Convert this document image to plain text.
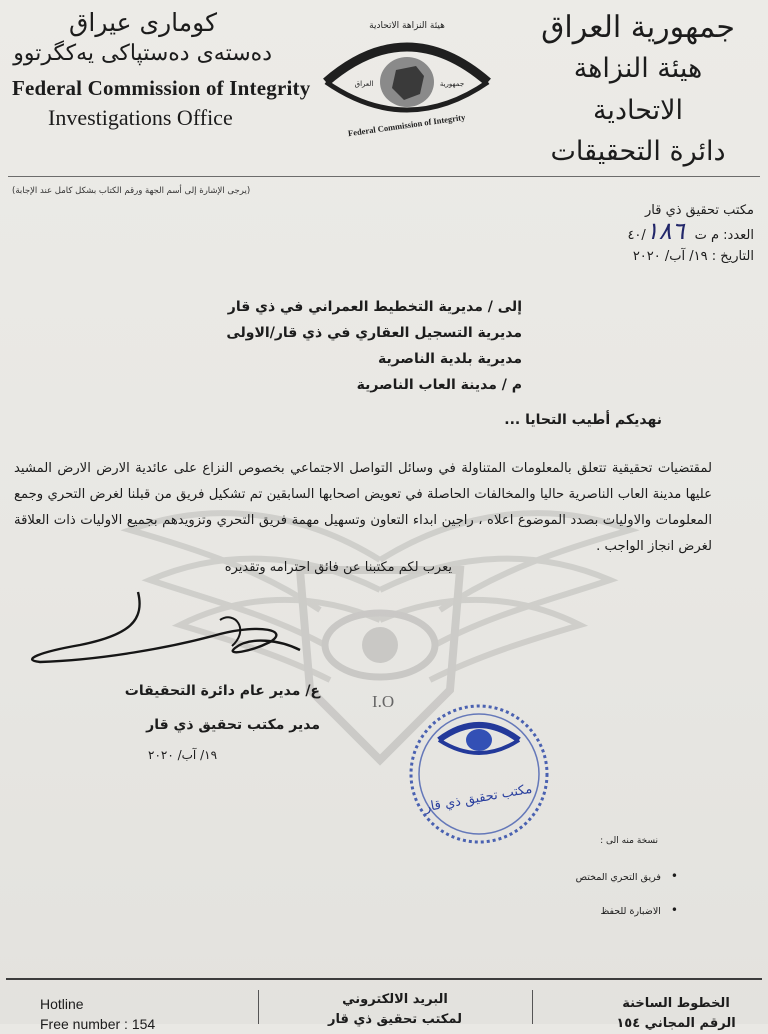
کوماری عیراق
دەستەی دەستپاکی یەکگرتوو
Federal Commission of Integrity
Investigations Office
هيئة النزاهة الاتحادية
العراق	جمهورية
Federal Commission of Integrity
جمهورية العراق
هيئة النزاهة الاتحادية
دائرة التحقيقات
(يرجى الإشارة إلى أسم الجهة ورقم الكتاب بشكل كامل عند الإجابة)
مكتب تحقيق ذي قار
العدد: م ت ٤٠/١٨٦
التاريخ : ١٩/ آب/ ٢٠٢٠
إلى / مديرية التخطيط العمراني في ذي قار
مديرية التسجيل العقاري في ذي قار/الاولى
مديرية بلدية الناصرية
م / مدينة العاب الناصرية
نهديكم أطيب التحايا ...
لمقتضيات تحقيقية تتعلق بالمعلومات المتناولة في وسائل التواصل الاجتماعي بخصوص النزاع على عائدية الارض الارض المشيد عليها مدينة العاب الناصرية حاليا والمخالفات الحاصلة في تعويض اصحابها السابقين تم تشكيل فريق من قبلنا لغرض التحري وجمع المعلومات والاوليات بصدد الموضوع اعلاه ، راجين ابداء التعاون وتسهيل مهمة فريق التحري وتزويدهم بجميع الاوليات ذات العلاقة لغرض انجاز الواجب .
يعرب لكم مكتبنا عن فائق احترامه وتقديره
I.O
ع/ مدير عام دائرة التحقيقات
مدير مكتب تحقيق ذي قار
١٩/ آب/ ٢٠٢٠
مكتب تحقيق ذي قار
نسخة منه الى :
• فريق التحري المختص
• الاضبارة للحفظ
Hotline
Free number : 154
البريد الالكتروني
لمكتب تحقيق ذي قار
الخطوط الساخنة
الرقم المجاني ١٥٤
